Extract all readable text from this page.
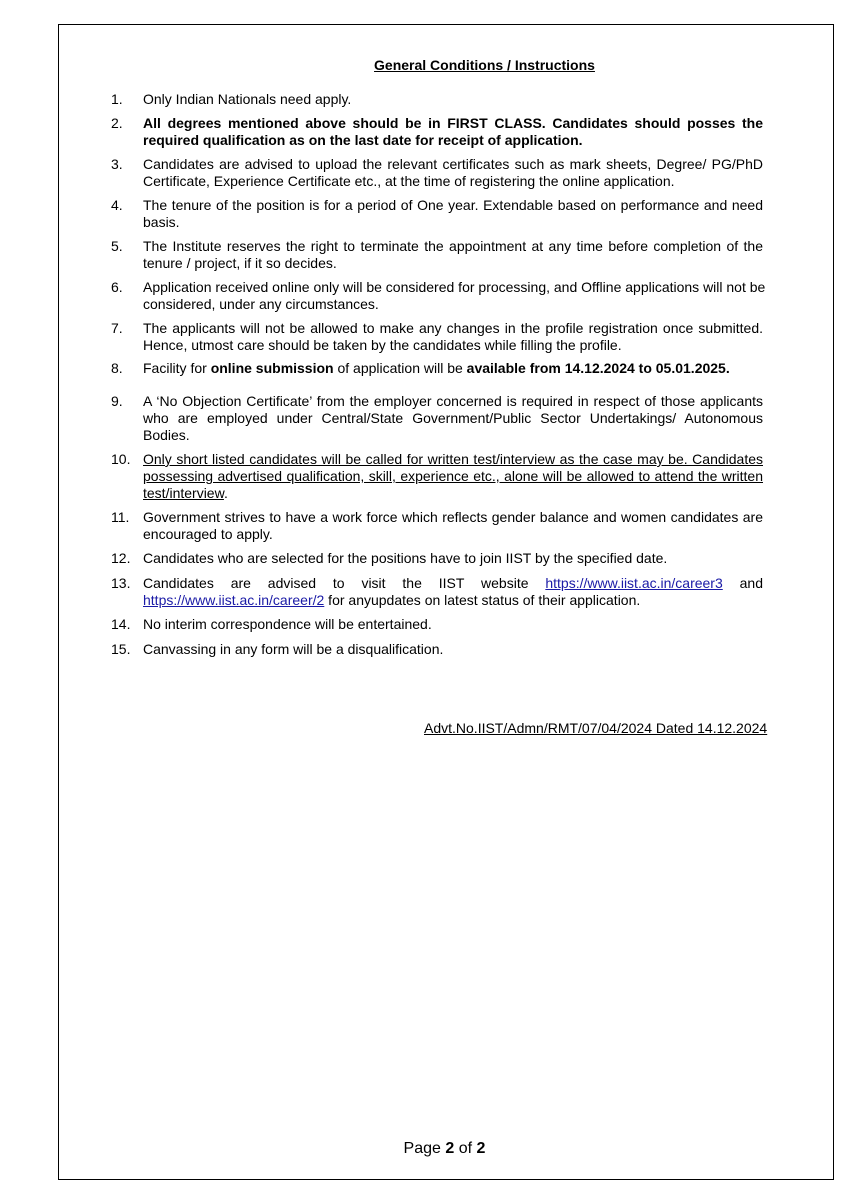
General Conditions / Instructions
1.	Only Indian Nationals need apply.
2.	All degrees mentioned above should be in FIRST CLASS. Candidates should posses the required qualification as on the last date for receipt of application.
3.	Candidates are advised to upload the relevant certificates such as mark sheets, Degree/ PG/PhD Certificate, Experience Certificate etc., at the time of registering the online application.
4.	The tenure of the position is for a period of One year. Extendable based on performance and need basis.
5.	The Institute reserves the right to terminate the appointment at any time before completion of the tenure / project, if it so decides.
6.	Application received online only will be considered for processing, and Offline applications will not be considered, under any circumstances.
7.	The applicants will not be allowed to make any changes in the profile registration once submitted. Hence, utmost care should be taken by the candidates while filling the profile.
8.	Facility for online submission of application will be available from 14.12.2024 to 05.01.2025.
9.	A ‘No Objection Certificate’ from the employer concerned is required in respect of those applicants who are employed under Central/State Government/Public Sector Undertakings/ Autonomous Bodies.
10. Only short listed candidates will be called for written test/interview as the case may be. Candidates possessing advertised qualification, skill, experience etc., alone will be allowed to attend the written test/interview.
11. Government strives to have a work force which reflects gender balance and women candidates are encouraged to apply.
12. Candidates who are selected for the positions have to join IIST by the specified date.
13. Candidates are advised to visit the IIST website https://www.iist.ac.in/career3 and https://www.iist.ac.in/career/2 for anyupdates on latest status of their application.
14. No interim correspondence will be entertained.
15. Canvassing in any form will be a disqualification.
Advt.No.IIST/Admn/RMT/07/04/2024 Dated 14.12.2024
Page 2 of 2
